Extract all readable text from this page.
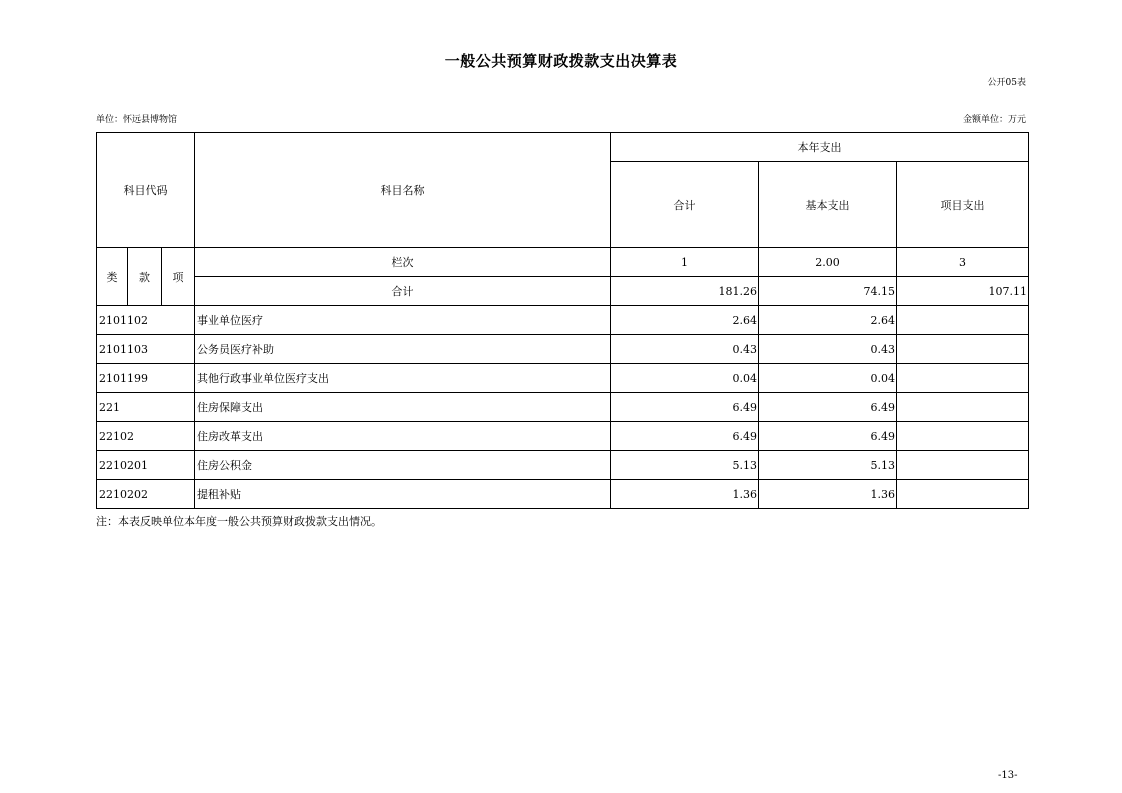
一般公共预算财政拨款支出决算表
公开05表
单位：怀远县博物馆	金额单位：万元
科目代码			科目名称	本年支出		
				合计	基本支出	项目支出
类	款	项	栏次	1	2.00	3
			合计	181.26	74.15	107.11
2101102			事业单位医疗	2.64	2.64	
2101103			公务员医疗补助	0.43	0.43	
2101199			其他行政事业单位医疗支出	0.04	0.04	
221			住房保障支出	6.49	6.49	
22102			住房改革支出	6.49	6.49	
2210201			住房公积金	5.13	5.13	
2210202			提租补贴	1.36	1.36	
注：本表反映单位本年度一般公共预算财政拨款支出情况。
-13-
